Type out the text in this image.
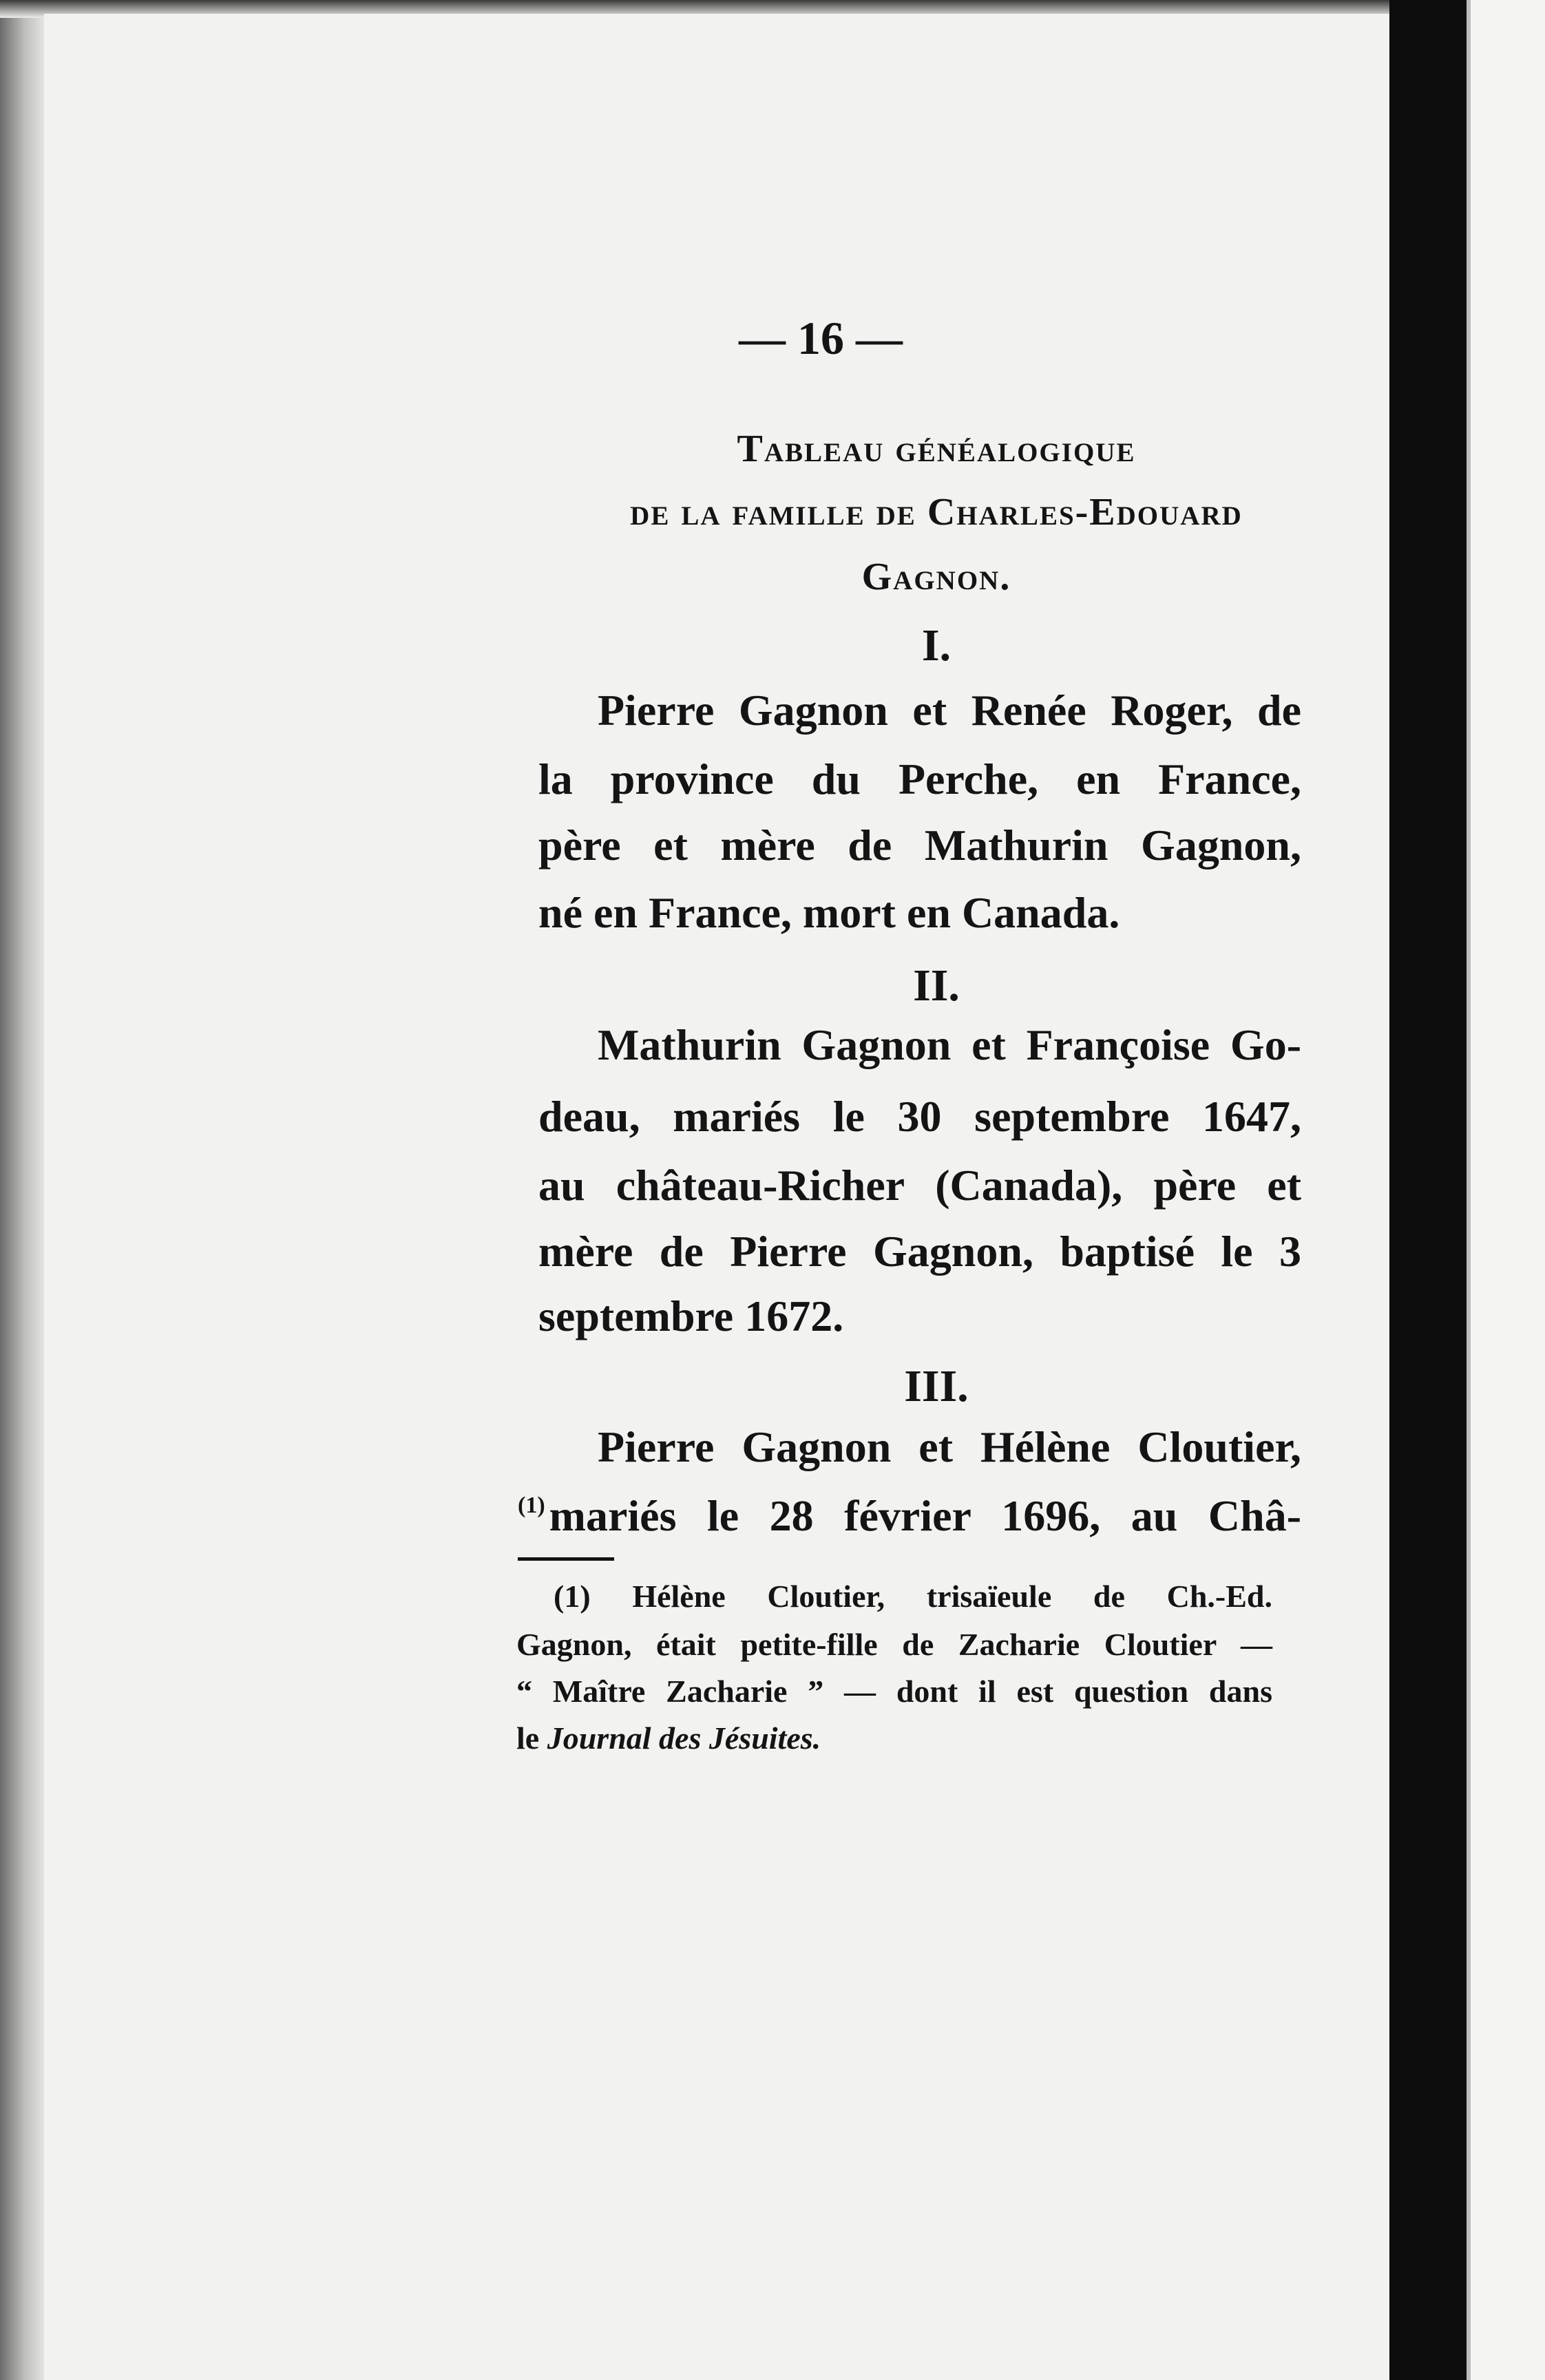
— 16 —
Tableau généalogique
de la famille de Charles-Edouard
Gagnon.
I.
Pierre Gagnon et Renée Roger, de
la province du Perche, en France,
père et mère de Mathurin Gagnon,
né en France, mort en Canada.
II.
Mathurin Gagnon et Françoise Go-
deau, mariés le 30 septembre 1647,
au château-Richer (Canada), père et
mère de Pierre Gagnon, baptisé le 3
septembre 1672.
III.
Pierre Gagnon et Hélène Cloutier,
$^{(1)}$mariés le 28 février 1696, au Châ-
(1) Hélène Cloutier, trisaïeule de Ch.-Ed.
Gagnon, était petite-fille de Zacharie Cloutier —
“ Maître Zacharie ” — dont il est question dans
le Journal des Jésuites.
